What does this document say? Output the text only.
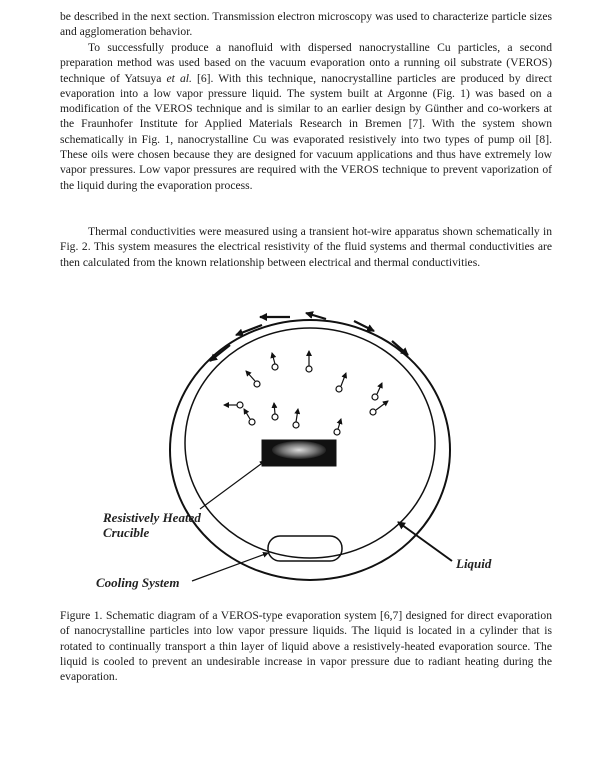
be described in the next section. Transmission electron microscopy was used to characterize particle sizes and agglomeration behavior.
To successfully produce a nanofluid with dispersed nanocrystalline Cu particles, a second preparation method was used based on the vacuum evaporation onto a running oil substrate (VEROS) technique of Yatsuya et al. [6]. With this technique, nanocrystalline particles are produced by direct evaporation into a low vapor pressure liquid. The system built at Argonne (Fig. 1) was based on a modification of the VEROS technique and is similar to an earlier design by Günther and co-workers at the Fraunhofer Institute for Applied Materials Research in Bremen [7]. With the system shown schematically in Fig. 1, nanocrystalline Cu was evaporated resistively into two types of pump oil [8]. These oils were chosen because they are designed for vacuum applications and thus have extremely low vapor pressures. Low vapor pressures are required with the VEROS technique to prevent vaporization of the liquid during the evaporation process.
Thermal conductivities were measured using a transient hot-wire apparatus shown schematically in Fig. 2. This system measures the electrical resistivity of the fluid systems and thermal conductivities are then calculated from the known relationship between electrical and thermal conductivities.
Resistively Heated
Crucible
Liquid
Cooling System
Figure 1. Schematic diagram of a VEROS-type evaporation system [6,7] designed for direct evaporation of nanocrystalline particles into low vapor pressure liquids. The liquid is located in a cylinder that is rotated to continually transport a thin layer of liquid above a resistively-heated evaporation source. The liquid is cooled to prevent an undesirable increase in vapor pressure due to radiant heating during the evaporation.
